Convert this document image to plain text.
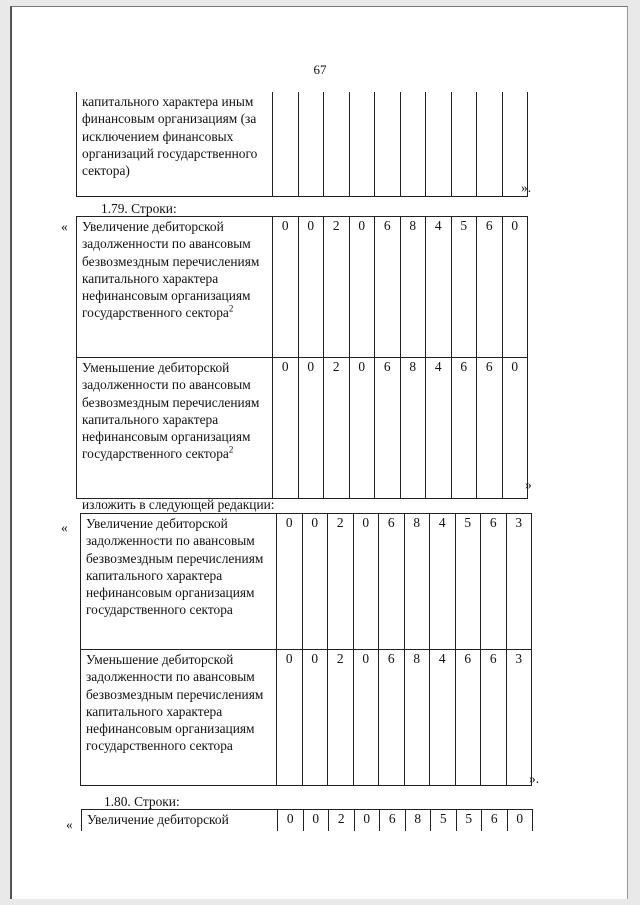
67
капитального характера иным финансовым организациям (за исключением финансовых организаций государственного сектора)										
».
1.79. Строки:
« Увеличение дебиторской задолженности по авансовым безвозмездным перечислениям капитального характера нефинансовым организациям государственного сектора$^2$	0	0	2	0	6	8	4	5	6	0
Уменьшение дебиторской задолженности по авансовым безвозмездным перечислениям капитального характера нефинансовым организациям государственного сектора$^2$	0	0	2	0	6	8	4	6	6	0
»
изложить в следующей редакции:
« Увеличение дебиторской задолженности по авансовым безвозмездным перечислениям капитального характера нефинансовым организациям государственного сектора	0	0	2	0	6	8	4	5	6	3
Уменьшение дебиторской задолженности по авансовым безвозмездным перечислениям капитального характера нефинансовым организациям государственного сектора	0	0	2	0	6	8	4	6	6	3
».
1.80. Строки:
« Увеличение дебиторской	0	0	2	0	6	8	5	5	6	0
